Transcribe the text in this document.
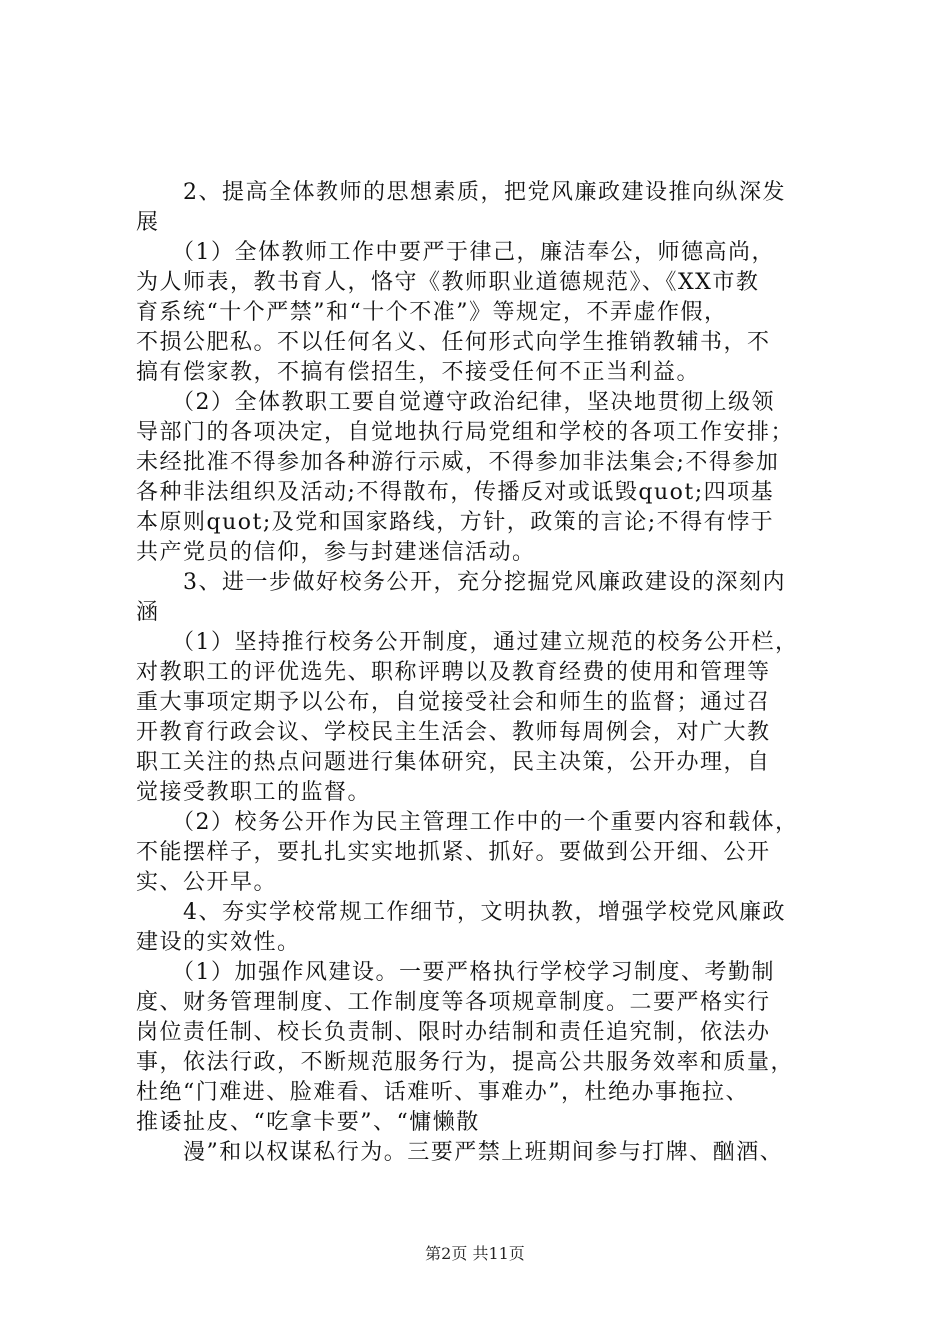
　　2、提高全体教师的思想素质，把党风廉政建设推向纵深发
展
　　（1）全体教师工作中要严于律己，廉洁奉公，师德高尚，
为人师表，教书育人，恪守《教师职业道德规范》、《XX市教
育系统“十个严禁”和“十个不准”》等规定，不弄虚作假，
不损公肥私。不以任何名义、任何形式向学生推销教辅书，不
搞有偿家教，不搞有偿招生，不接受任何不正当利益。
　　（2）全体教职工要自觉遵守政治纪律，坚决地贯彻上级领
导部门的各项决定，自觉地执行局党组和学校的各项工作安排；
未经批准不得参加各种游行示威，不得参加非法集会;不得参加
各种非法组织及活动;不得散布，传播反对或诋毁quot;四项基
本原则quot;及党和国家路线，方针，政策的言论;不得有悖于
共产党员的信仰，参与封建迷信活动。
　　3、进一步做好校务公开，充分挖掘党风廉政建设的深刻内
涵
　　（1）坚持推行校务公开制度，通过建立规范的校务公开栏，
对教职工的评优选先、职称评聘以及教育经费的使用和管理等
重大事项定期予以公布，自觉接受社会和师生的监督；通过召
开教育行政会议、学校民主生活会、教师每周例会，对广大教
职工关注的热点问题进行集体研究，民主决策，公开办理，自
觉接受教职工的监督。
　　（2）校务公开作为民主管理工作中的一个重要内容和载体，
不能摆样子，要扎扎实实地抓紧、抓好。要做到公开细、公开
实、公开早。
　　4、夯实学校常规工作细节，文明执教，增强学校党风廉政
建设的实效性。
　　（1）加强作风建设。一要严格执行学校学习制度、考勤制
度、财务管理制度、工作制度等各项规章制度。二要严格实行
岗位责任制、校长负责制、限时办结制和责任追究制，依法办
事，依法行政，不断规范服务行为，提高公共服务效率和质量，
杜绝“门难进、脸难看、话难听、事难办”，杜绝办事拖拉、
推诿扯皮、“吃拿卡要”、“慵懒散
　　漫”和以权谋私行为。三要严禁上班期间参与打牌、酗酒、
第2页 共11页
